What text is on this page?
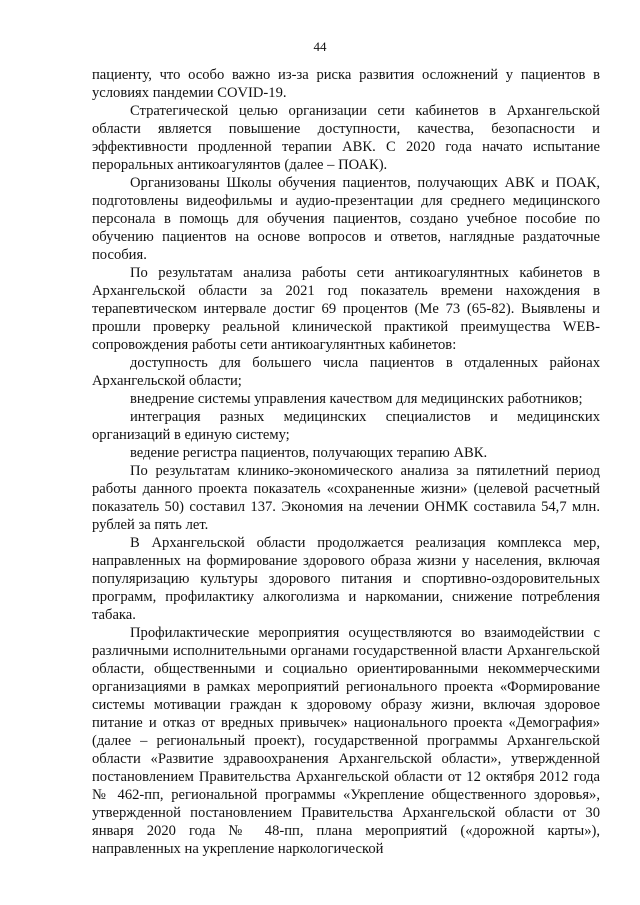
44

пациенту, что особо важно из-за риска развития осложнений у пациентов в условиях пандемии COVID-19.

Стратегической целью организации сети кабинетов в Архангельской области является повышение доступности, качества, безопасности и эффективности продленной терапии АВК. С 2020 года начато испытание пероральных антикоагулянтов (далее – ПОАК).

Организованы Школы обучения пациентов, получающих АВК и ПОАК, подготовлены видеофильмы и аудио-презентации для среднего медицинского персонала в помощь для обучения пациентов, создано учебное пособие по обучению пациентов на основе вопросов и ответов, наглядные раздаточные пособия.

По результатам анализа работы сети антикоагулянтных кабинетов в Архангельской области за 2021 год показатель времени нахождения в терапевтическом интервале достиг 69 процентов (Me 73 (65-82). Выявлены и прошли проверку реальной клинической практикой преимущества WEB-сопровождения работы сети антикоагулянтных кабинетов:

доступность для большего числа пациентов в отдаленных районах Архангельской области;

внедрение системы управления качеством для медицинских работников;

интеграция разных медицинских специалистов и медицинских организаций в единую систему;

ведение регистра пациентов, получающих терапию АВК.

По результатам клинико-экономического анализа за пятилетний период работы данного проекта показатель «сохраненные жизни» (целевой расчетный показатель 50) составил 137. Экономия на лечении ОНМК составила 54,7 млн. рублей за пять лет.

В Архангельской области продолжается реализация комплекса мер, направленных на формирование здорового образа жизни у населения, включая популяризацию культуры здорового питания и спортивно-оздоровительных программ, профилактику алкоголизма и наркомании, снижение потребления табака.

Профилактические мероприятия осуществляются во взаимодействии с различными исполнительными органами государственной власти Архангельской области, общественными и социально ориентированными некоммерческими организациями в рамках мероприятий регионального проекта «Формирование системы мотивации граждан к здоровому образу жизни, включая здоровое питание и отказ от вредных привычек» национального проекта «Демография» (далее – региональный проект), государственной программы Архангельской области «Развитие здравоохранения Архангельской области», утвержденной постановлением Правительства Архангельской области от 12 октября 2012 года № 462-пп, региональной программы «Укрепление общественного здоровья», утвержденной постановлением Правительства Архангельской области от 30 января 2020 года № 48-пп, плана мероприятий («дорожной карты»), направленных на укрепление наркологической
